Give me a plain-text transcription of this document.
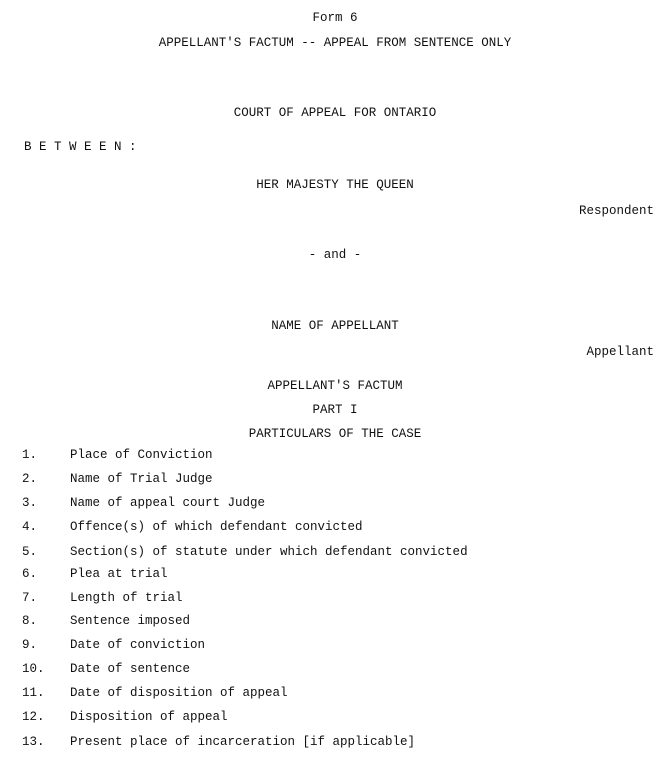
Form 6
APPELLANT'S FACTUM -- APPEAL FROM SENTENCE ONLY
COURT OF APPEAL FOR ONTARIO
B E T W E E N :
HER MAJESTY THE QUEEN
Respondent
- and -
NAME OF APPELLANT
Appellant
APPELLANT'S FACTUM
PART I
PARTICULARS OF THE CASE
1.	Place of Conviction
2.	Name of Trial Judge
3.	Name of appeal court Judge
4.	Offence(s) of which defendant convicted
5.	Section(s) of statute under which defendant convicted
6.	Plea at trial
7.	Length of trial
8.	Sentence imposed
9.	Date of conviction
10. Date of sentence
11. Date of disposition of appeal
12. Disposition of appeal
13. Present place of incarceration [if applicable]
